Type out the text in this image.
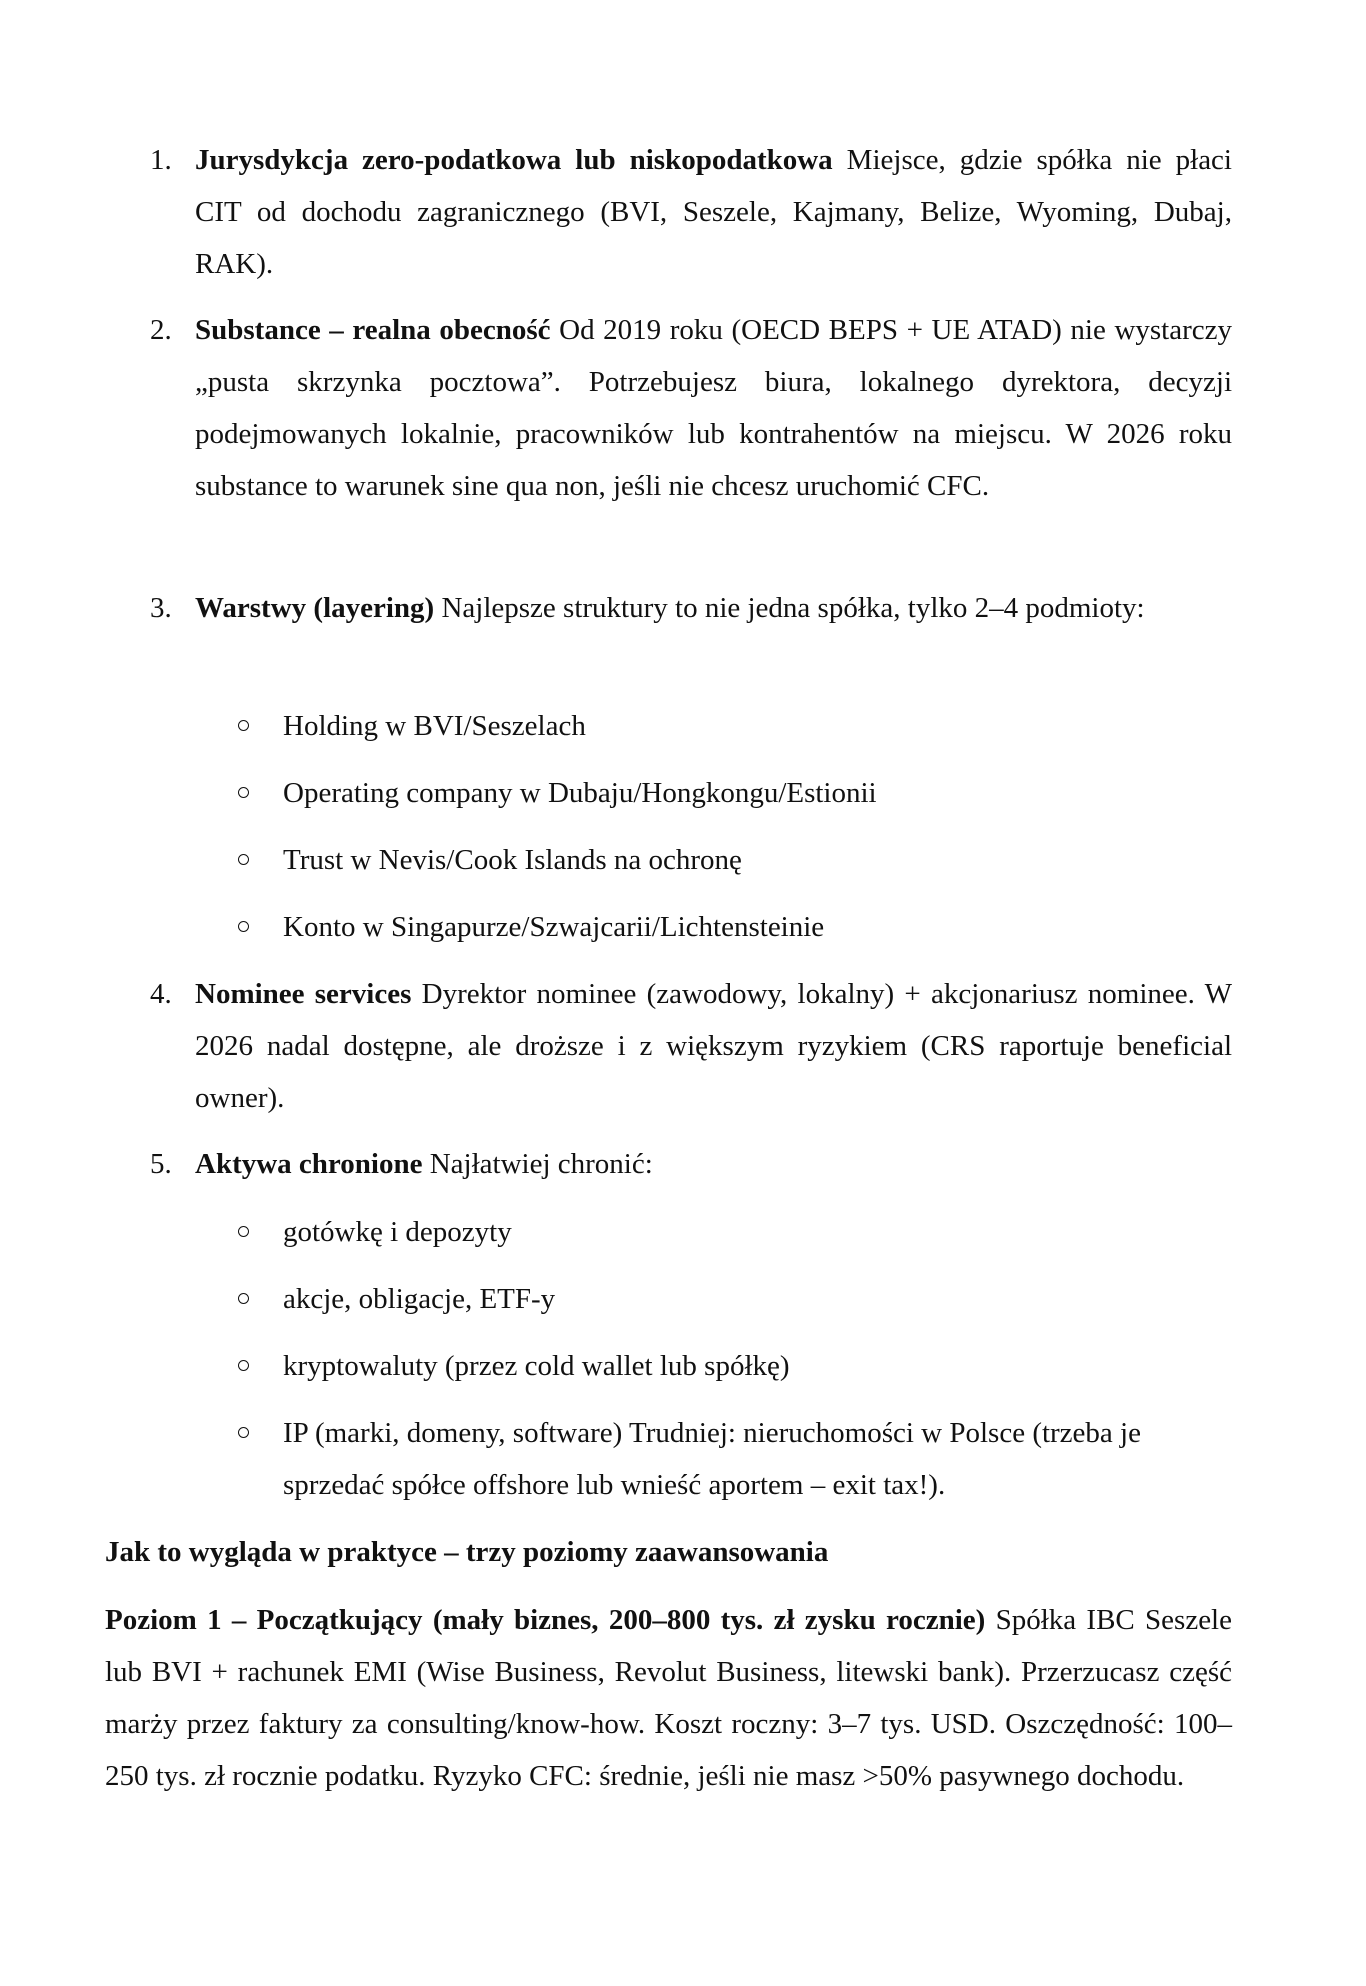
1. Jurysdykcja zero-podatkowa lub niskopodatkowa Miejsce, gdzie spółka nie płaci CIT od dochodu zagranicznego (BVI, Seszele, Kajmany, Belize, Wyoming, Dubaj, RAK).
2. Substance – realna obecność Od 2019 roku (OECD BEPS + UE ATAD) nie wystarczy „pusta skrzynka pocztowa”. Potrzebujesz biura, lokalnego dyrektora, decyzji podejmowanych lokalnie, pracowników lub kontrahentów na miejscu. W 2026 roku substance to warunek sine qua non, jeśli nie chcesz uruchomić CFC.
3. Warstwy (layering) Najlepsze struktury to nie jedna spółka, tylko 2–4 podmioty:
Holding w BVI/Seszelach
Operating company w Dubaju/Hongkongu/Estionii
Trust w Nevis/Cook Islands na ochronę
Konto w Singapurze/Szwajcarii/Lichtensteinie
4. Nominee services Dyrektor nominee (zawodowy, lokalny) + akcjonariusz nominee. W 2026 nadal dostępne, ale droższe i z większym ryzykiem (CRS raportuje beneficial owner).
5. Aktywa chronione Najłatwiej chronić:
gotówkę i depozyty
akcje, obligacje, ETF-y
kryptowaluty (przez cold wallet lub spółkę)
IP (marki, domeny, software) Trudniej: nieruchomości w Polsce (trzeba je sprzedać spółce offshore lub wnieść aportem – exit tax!).
Jak to wygląda w praktyce – trzy poziomy zaawansowania
Poziom 1 – Początkujący (mały biznes, 200–800 tys. zł zysku rocznie) Spółka IBC Seszele lub BVI + rachunek EMI (Wise Business, Revolut Business, litewski bank). Przerzucasz część marży przez faktury za consulting/know-how. Koszt roczny: 3–7 tys. USD. Oszczędność: 100–250 tys. zł rocznie podatku. Ryzyko CFC: średnie, jeśli nie masz >50% pasywnego dochodu.
